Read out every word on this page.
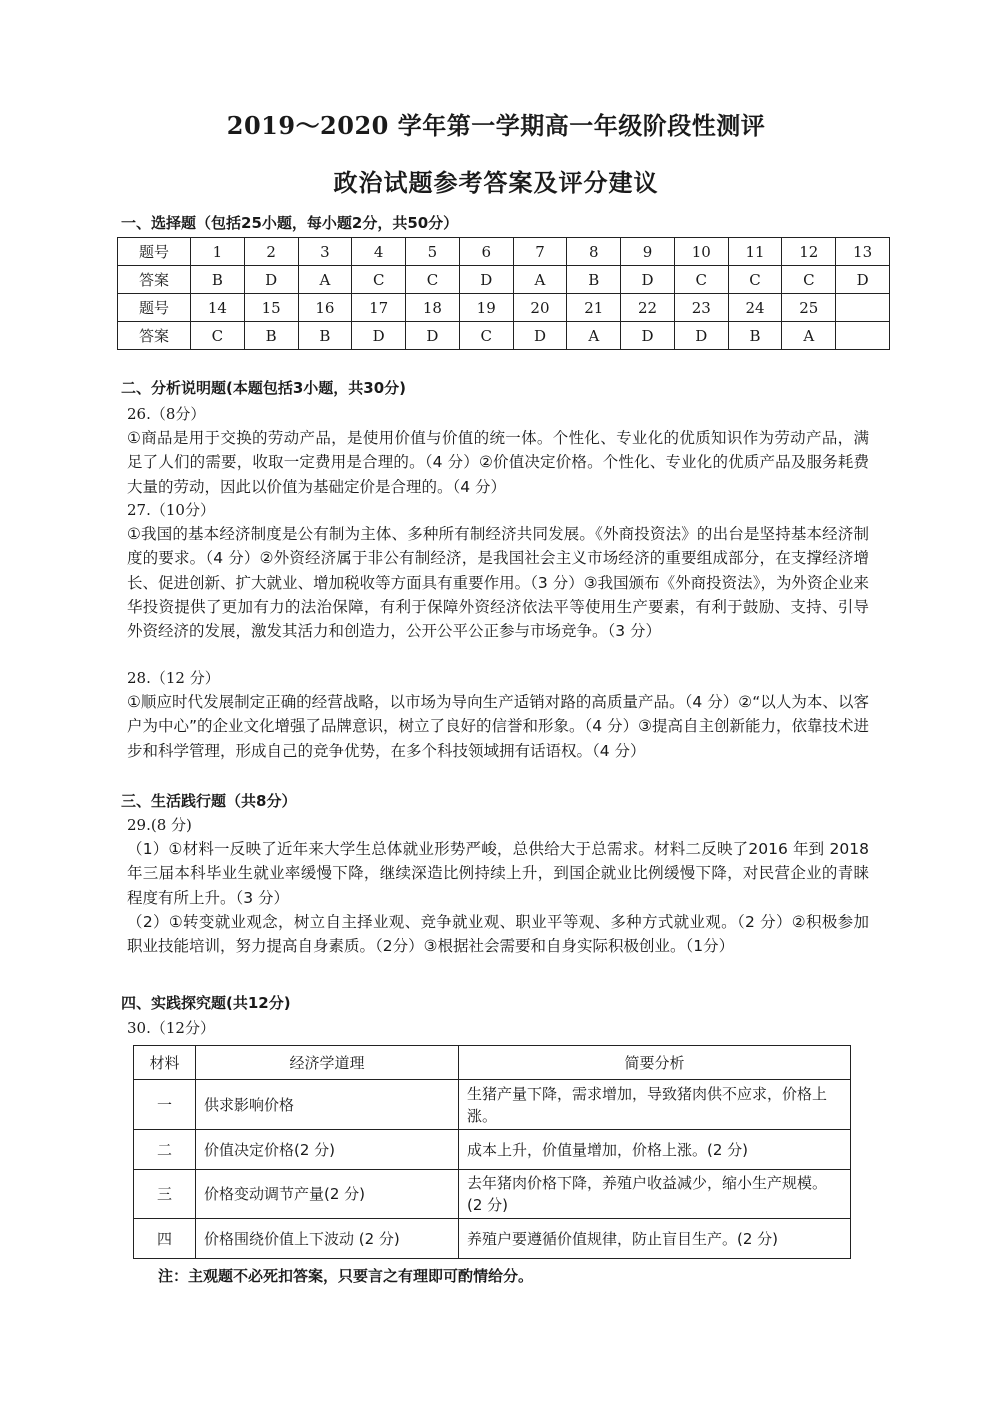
2019～2020 学年第一学期高一年级阶段性测评
政治试题参考答案及评分建议
一、选择题（包括25小题，每小题2分，共50分）
题号	1	2	3	4	5	6	7	8	9	10	11	12	13
答案	B	D	A	C	C	D	A	B	D	C	C	C	D
题号	14	15	16	17	18	19	20	21	22	23	24	25	
答案	C	B	B	D	D	C	D	A	D	D	B	A	
二、分析说明题(本题包括3小题，共30分)
26.（8分）
①商品是用于交换的劳动产品，是使用价值与价值的统一体。个性化、专业化的优质知识作为劳动产品，满足了人们的需要，收取一定费用是合理的。（4 分）②价值决定价格。个性化、专业化的优质产品及服务耗费大量的劳动，因此以价值为基础定价是合理的。（4 分）
27.（10分）
①我国的基本经济制度是公有制为主体、多种所有制经济共同发展。《外商投资法》的出台是坚持基本经济制度的要求。（4 分）②外资经济属于非公有制经济，是我国社会主义市场经济的重要组成部分，在支撑经济增长、促进创新、扩大就业、增加税收等方面具有重要作用。（3 分）③我国颁布《外商投资法》，为外资企业来华投资提供了更加有力的法治保障，有利于保障外资经济依法平等使用生产要素，有利于鼓励、支持、引导外资经济的发展，激发其活力和创造力，公开公平公正参与市场竞争。（3 分）
28.（12 分）
①顺应时代发展制定正确的经营战略，以市场为导向生产适销对路的高质量产品。（4 分）②“以人为本、以客户为中心”的企业文化增强了品牌意识，树立了良好的信誉和形象。（4 分）③提高自主创新能力，依靠技术进步和科学管理，形成自己的竞争优势，在多个科技领域拥有话语权。（4 分）
三、生活践行题（共8分）
29.(8 分)
（1）①材料一反映了近年来大学生总体就业形势严峻，总供给大于总需求。材料二反映了2016 年到 2018 年三届本科毕业生就业率缓慢下降，继续深造比例持续上升，到国企就业比例缓慢下降，对民营企业的青睐程度有所上升。（3 分）
（2）①转变就业观念，树立自主择业观、竞争就业观、职业平等观、多种方式就业观。（2 分）②积极参加职业技能培训，努力提高自身素质。（2分）③根据社会需要和自身实际积极创业。（1分）
四、实践探究题(共12分)
30.（12分）
材料	经济学道理	简要分析
一	供求影响价格	生猪产量下降，需求增加，导致猪肉供不应求，价格上涨。
二	价值决定价格(2 分)	成本上升，价值量增加，价格上涨。(2 分)
三	价格变动调节产量(2 分)	去年猪肉价格下降，养殖户收益减少，缩小生产规模。(2 分)
四	价格围绕价值上下波动 (2 分)	养殖户要遵循价值规律，防止盲目生产。(2 分)
注：主观题不必死扣答案，只要言之有理即可酌情给分。
